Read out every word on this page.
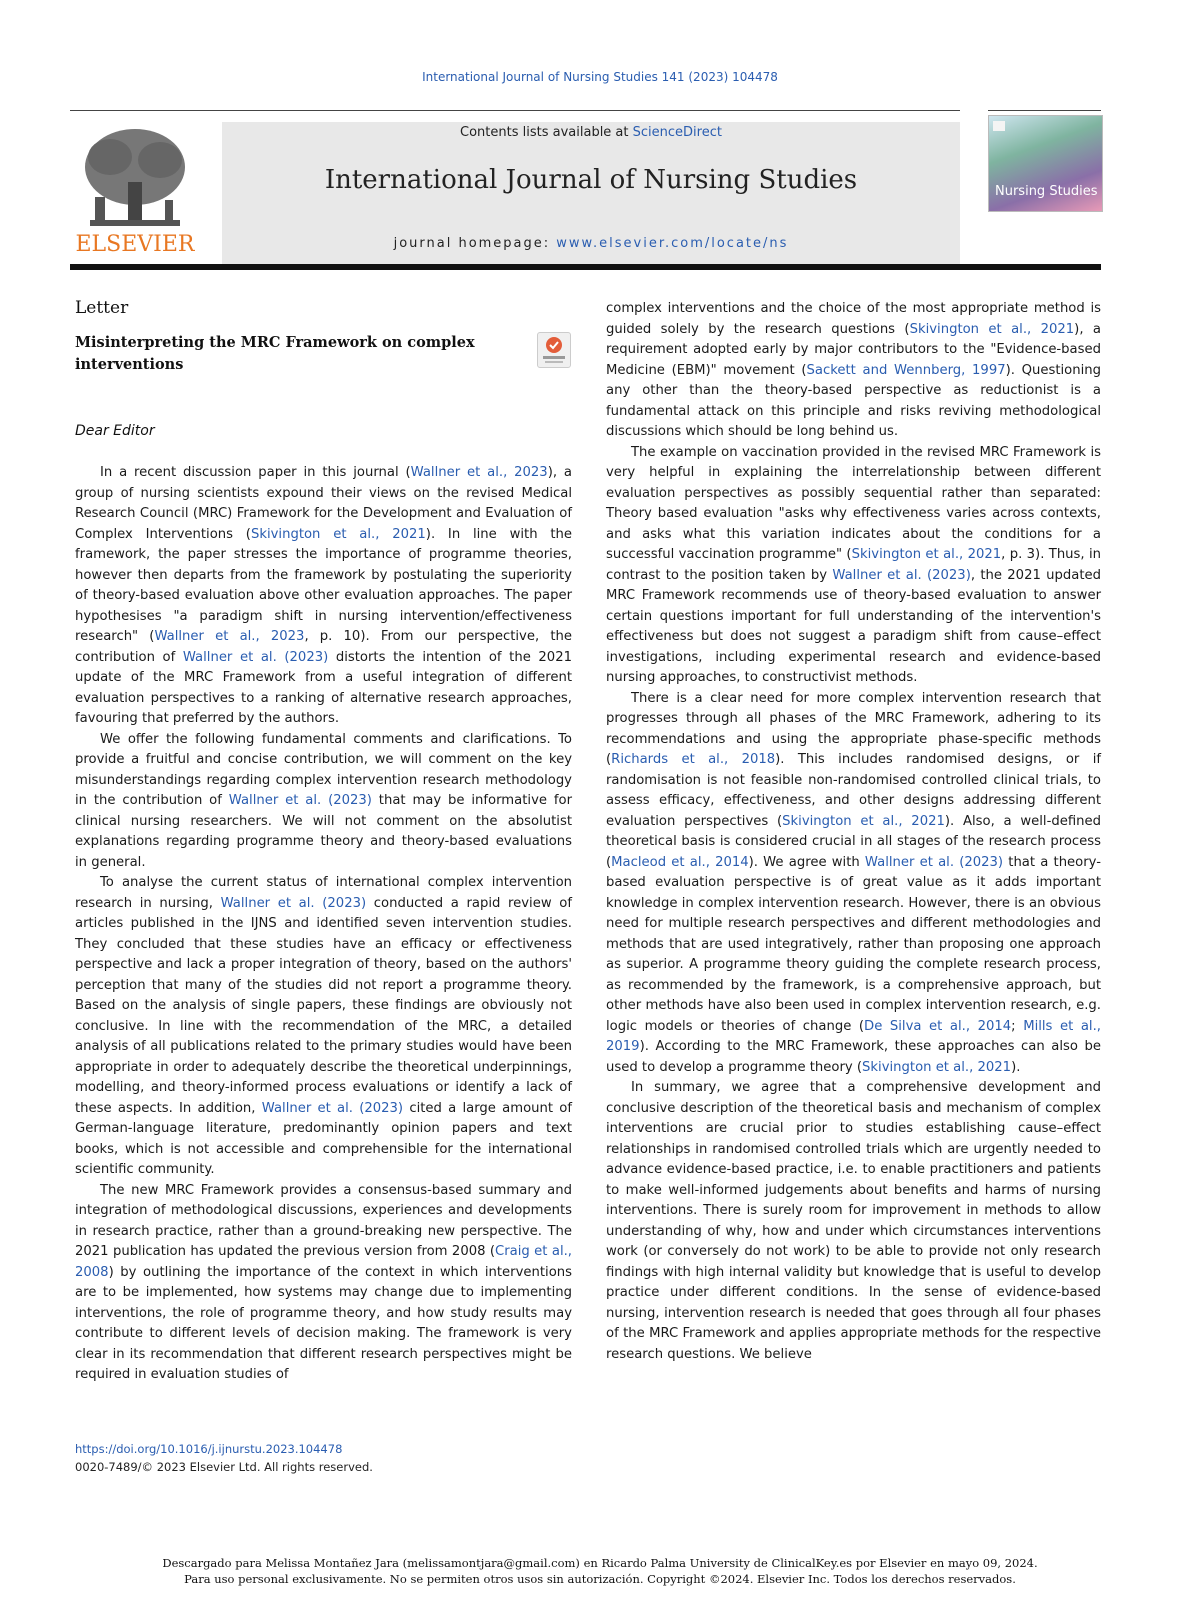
International Journal of Nursing Studies 141 (2023) 104478
ELSEVIER
Contents lists available at ScienceDirect
International Journal of Nursing Studies
journal homepage: www.elsevier.com/locate/ns
Nursing Studies
Letter
Misinterpreting the MRC Framework on complex interventions
Dear Editor

In a recent discussion paper in this journal (Wallner et al., 2023), a group of nursing scientists expound their views on the revised Medical Research Council (MRC) Framework for the Development and Evaluation of Complex Interventions (Skivington et al., 2021). In line with the framework, the paper stresses the importance of programme theories, however then departs from the framework by postulating the superiority of theory-based evaluation above other evaluation approaches. The paper hypothesises "a paradigm shift in nursing intervention/effectiveness research" (Wallner et al., 2023, p. 10). From our perspective, the contribution of Wallner et al. (2023) distorts the intention of the 2021 update of the MRC Framework from a useful integration of different evaluation perspectives to a ranking of alternative research approaches, favouring that preferred by the authors.

We offer the following fundamental comments and clarifications. To provide a fruitful and concise contribution, we will comment on the key misunderstandings regarding complex intervention research methodology in the contribution of Wallner et al. (2023) that may be informative for clinical nursing researchers. We will not comment on the absolutist explanations regarding programme theory and theory-based evaluations in general.

To analyse the current status of international complex intervention research in nursing, Wallner et al. (2023) conducted a rapid review of articles published in the IJNS and identified seven intervention studies. They concluded that these studies have an efficacy or effectiveness perspective and lack a proper integration of theory, based on the authors' perception that many of the studies did not report a programme theory. Based on the analysis of single papers, these findings are obviously not conclusive. In line with the recommendation of the MRC, a detailed analysis of all publications related to the primary studies would have been appropriate in order to adequately describe the theoretical underpinnings, modelling, and theory-informed process evaluations or identify a lack of these aspects. In addition, Wallner et al. (2023) cited a large amount of German-language literature, predominantly opinion papers and text books, which is not accessible and comprehensible for the international scientific community.

The new MRC Framework provides a consensus-based summary and integration of methodological discussions, experiences and developments in research practice, rather than a ground-breaking new perspective. The 2021 publication has updated the previous version from 2008 (Craig et al., 2008) by outlining the importance of the context in which interventions are to be implemented, how systems may change due to implementing interventions, the role of programme theory, and how study results may contribute to different levels of decision making. The framework is very clear in its recommendation that different research perspectives might be required in evaluation studies of

complex interventions and the choice of the most appropriate method is guided solely by the research questions (Skivington et al., 2021), a requirement adopted early by major contributors to the "Evidence-based Medicine (EBM)" movement (Sackett and Wennberg, 1997). Questioning any other than the theory-based perspective as reductionist is a fundamental attack on this principle and risks reviving methodological discussions which should be long behind us.

The example on vaccination provided in the revised MRC Framework is very helpful in explaining the interrelationship between different evaluation perspectives as possibly sequential rather than separated: Theory based evaluation "asks why effectiveness varies across contexts, and asks what this variation indicates about the conditions for a successful vaccination programme" (Skivington et al., 2021, p. 3). Thus, in contrast to the position taken by Wallner et al. (2023), the 2021 updated MRC Framework recommends use of theory-based evaluation to answer certain questions important for full understanding of the intervention's effectiveness but does not suggest a paradigm shift from cause–effect investigations, including experimental research and evidence-based nursing approaches, to constructivist methods.

There is a clear need for more complex intervention research that progresses through all phases of the MRC Framework, adhering to its recommendations and using the appropriate phase-specific methods (Richards et al., 2018). This includes randomised designs, or if randomisation is not feasible non-randomised controlled clinical trials, to assess efficacy, effectiveness, and other designs addressing different evaluation perspectives (Skivington et al., 2021). Also, a well-defined theoretical basis is considered crucial in all stages of the research process (Macleod et al., 2014). We agree with Wallner et al. (2023) that a theory-based evaluation perspective is of great value as it adds important knowledge in complex intervention research. However, there is an obvious need for multiple research perspectives and different methodologies and methods that are used integratively, rather than proposing one approach as superior. A programme theory guiding the complete research process, as recommended by the framework, is a comprehensive approach, but other methods have also been used in complex intervention research, e.g. logic models or theories of change (De Silva et al., 2014; Mills et al., 2019). According to the MRC Framework, these approaches can also be used to develop a programme theory (Skivington et al., 2021).

In summary, we agree that a comprehensive development and conclusive description of the theoretical basis and mechanism of complex interventions are crucial prior to studies establishing cause–effect relationships in randomised controlled trials which are urgently needed to advance evidence-based practice, i.e. to enable practitioners and patients to make well-informed judgements about benefits and harms of nursing interventions. There is surely room for improvement in methods to allow understanding of why, how and under which circumstances interventions work (or conversely do not work) to be able to provide not only research findings with high internal validity but knowledge that is useful to develop practice under different conditions. In the sense of evidence-based nursing, intervention research is needed that goes through all four phases of the MRC Framework and applies appropriate methods for the respective research questions. We believe

https://doi.org/10.1016/j.ijnurstu.2023.104478
0020-7489/© 2023 Elsevier Ltd. All rights reserved.
Descargado para Melissa Montañez Jara (melissamontjara@gmail.com) en Ricardo Palma University de ClinicalKey.es por Elsevier en mayo 09, 2024.
Para uso personal exclusivamente. No se permiten otros usos sin autorización. Copyright ©2024. Elsevier Inc. Todos los derechos reservados.
